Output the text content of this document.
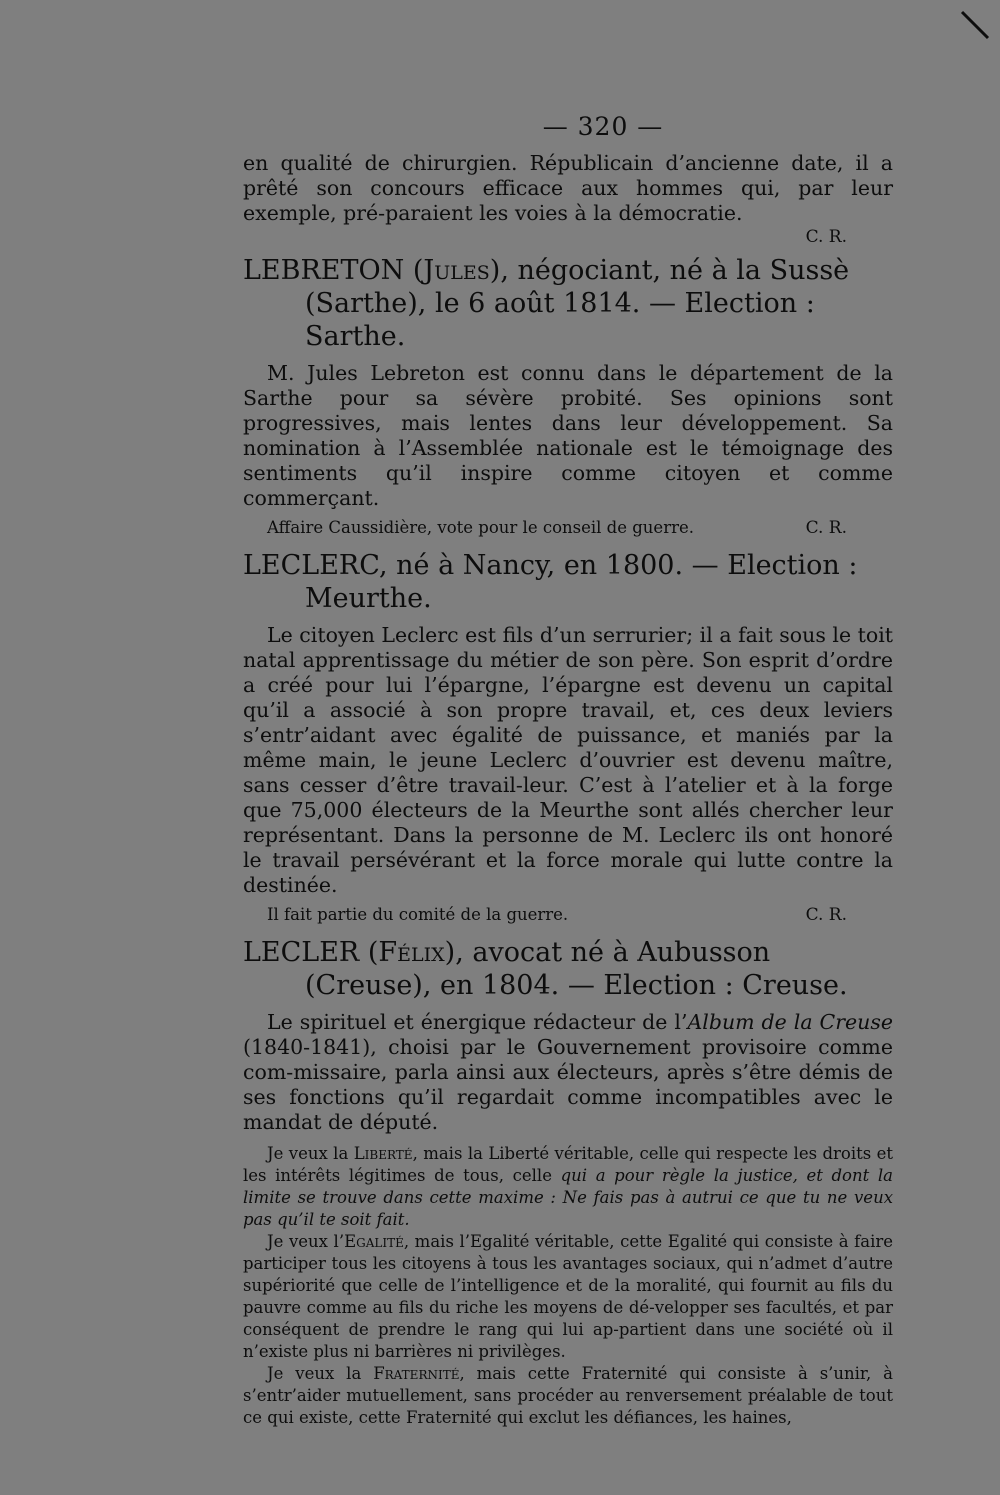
— 320 —

en qualité de chirurgien. Républicain d’ancienne date, il a prêté son concours efficace aux hommes qui, par leur exemple, pré-paraient les voies à la démocratie.

C. R.

LEBRETON (Jules), négociant, né à la Sussè (Sarthe), le 6 août 1814. — Election : Sarthe.

M. Jules Lebreton est connu dans le département de la Sarthe pour sa sévère probité. Ses opinions sont progressives, mais lentes dans leur développement. Sa nomination à l’Assemblée nationale est le témoignage des sentiments qu’il inspire comme citoyen et comme commerçant.

Affaire Caussidière, vote pour le conseil de guerre.	C. R.

LECLERC, né à Nancy, en 1800. — Election : Meurthe.

Le citoyen Leclerc est fils d’un serrurier; il a fait sous le toit natal apprentissage du métier de son père. Son esprit d’ordre a créé pour lui l’épargne, l’épargne est devenu un capital qu’il a associé à son propre travail, et, ces deux leviers s’entr’aidant avec égalité de puissance, et maniés par la même main, le jeune Leclerc d’ouvrier est devenu maître, sans cesser d’être travail-leur. C’est à l’atelier et à la forge que 75,000 électeurs de la Meurthe sont allés chercher leur représentant. Dans la personne de M. Leclerc ils ont honoré le travail persévérant et la force morale qui lutte contre la destinée.

Il fait partie du comité de la guerre.	C. R.

LECLER (Félix), avocat né à Aubusson (Creuse), en 1804. — Election : Creuse.

Le spirituel et énergique rédacteur de l’Album de la Creuse (1840-1841), choisi par le Gouvernement provisoire comme com-missaire, parla ainsi aux électeurs, après s’être démis de ses fonctions qu’il regardait comme incompatibles avec le mandat de député.

Je veux la Liberté, mais la Liberté véritable, celle qui respecte les droits et les intérêts légitimes de tous, celle qui a pour règle la justice, et dont la limite se trouve dans cette maxime : Ne fais pas à autrui ce que tu ne veux pas qu’il te soit fait.

Je veux l’Egalité, mais l’Egalité véritable, cette Egalité qui consiste à faire participer tous les citoyens à tous les avantages sociaux, qui n’admet d’autre supériorité que celle de l’intelligence et de la moralité, qui fournit au fils du pauvre comme au fils du riche les moyens de dé-velopper ses facultés, et par conséquent de prendre le rang qui lui ap-partient dans une société où il n’existe plus ni barrières ni privilèges.

Je veux la Fraternité, mais cette Fraternité qui consiste à s’unir, à s’entr’aider mutuellement, sans procéder au renversement préalable de tout ce qui existe, cette Fraternité qui exclut les défiances, les haines,
